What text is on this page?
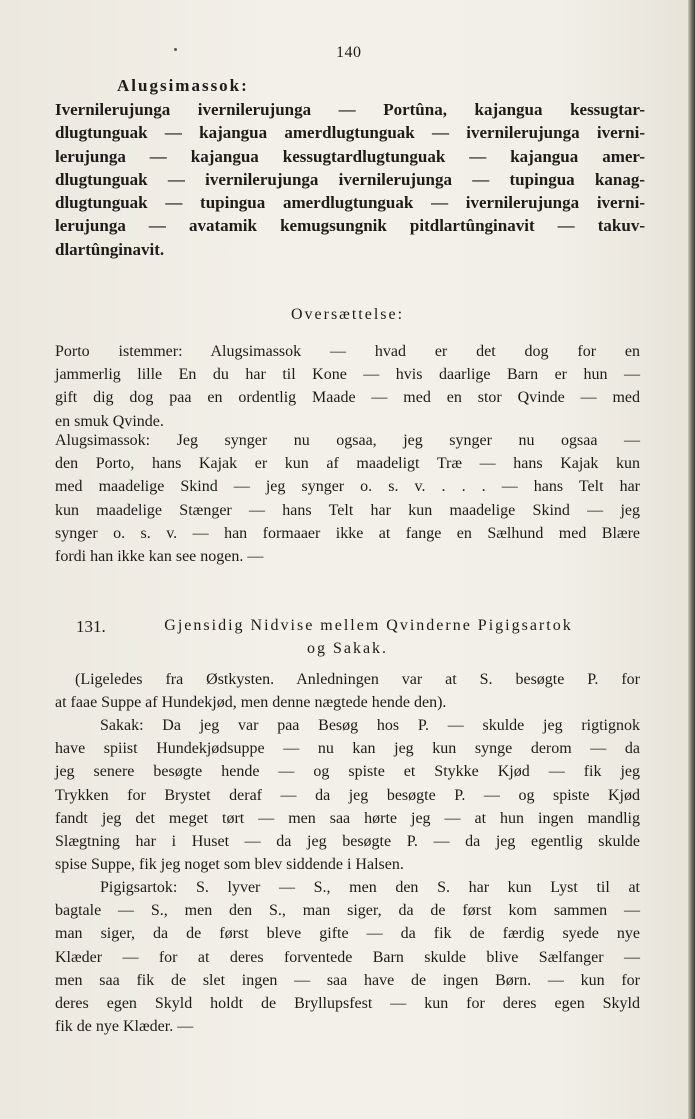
140
Alugsimassok:
Ivernilerujunga ivernilerujunga — Portûna, kajangua kessugtar-
dlugtunguak — kajangua amerdlugtunguak — ivernilerujunga iverni-
lerujunga — kajangua kessugtardlugtunguak — kajangua amer-
dlugtunguak — ivernilerujunga ivernilerujunga — tupingua kanag-
dlugtunguak — tupingua amerdlugtunguak — ivernilerujunga iverni-
lerujunga — avatamik kemugsungnik pitdlartûnginavit — takuv-
dlartûnginavit.
Oversættelse:
Porto istemmer: Alugsimassok — hvad er det dog for en
jammerlig lille En du har til Kone — hvis daarlige Barn er hun —
gift dig dog paa en ordentlig Maade — med en stor Qvinde — med
en smuk Qvinde.
Alugsimassok: Jeg synger nu ogsaa, jeg synger nu ogsaa —
den Porto, hans Kajak er kun af maadeligt Træ — hans Kajak kun
med maadelige Skind — jeg synger o. s. v. . . . — hans Telt har
kun maadelige Stænger — hans Telt har kun maadelige Skind — jeg
synger o. s. v. — han formaaer ikke at fange en Sælhund med Blære
fordi han ikke kan see nogen. —
131.	Gjensidig Nidvise mellem Qvinderne Pigigsartok
og Sakak.
(Ligeledes fra Østkysten. Anledningen var at S. besøgte P. for
at faae Suppe af Hundekjød, men denne nægtede hende den).
Sakak: Da jeg var paa Besøg hos P. — skulde jeg rigtignok
have spiist Hundekjødsuppe — nu kan jeg kun synge derom — da
jeg senere besøgte hende — og spiste et Stykke Kjød — fik jeg
Trykken for Brystet deraf — da jeg besøgte P. — og spiste Kjød
fandt jeg det meget tørt — men saa hørte jeg — at hun ingen mandlig
Slægtning har i Huset — da jeg besøgte P. — da jeg egentlig skulde
spise Suppe, fik jeg noget som blev siddende i Halsen.
Pigigsartok: S. lyver — S., men den S. har kun Lyst til at
bagtale — S., men den S., man siger, da de først kom sammen —
man siger, da de først bleve gifte — da fik de færdig syede nye
Klæder — for at deres forventede Barn skulde blive Sælfanger —
men saa fik de slet ingen — saa have de ingen Børn. — kun for
deres egen Skyld holdt de Bryllupsfest — kun for deres egen Skyld
fik de nye Klæder. —
